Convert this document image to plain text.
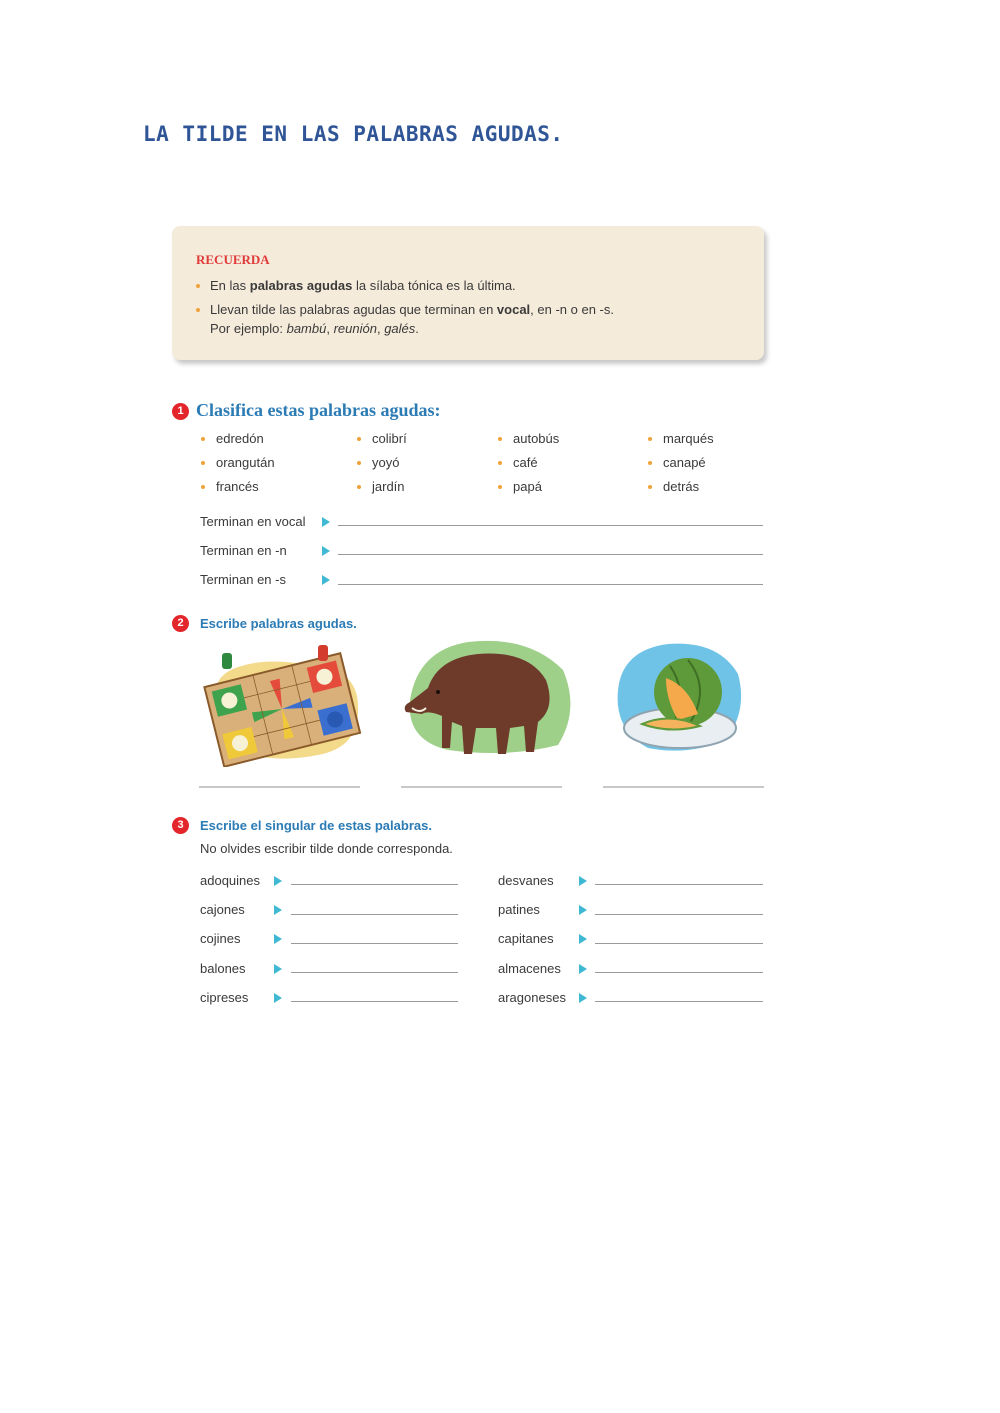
LA TILDE EN LAS PALABRAS AGUDAS.
RECUERDA
En las palabras agudas la sílaba tónica es la última.
Llevan tilde las palabras agudas que terminan en vocal, en -n o en -s.
Por ejemplo: bambú, reunión, galés.
1 Clasifica estas palabras agudas:
edredón
orangután
francés
colibrí
yoyó
jardín
autobús
café
papá
marqués
canapé
detrás
Terminan en vocal
Terminan en -n
Terminan en -s
2	Escribe palabras agudas.
3	Escribe el singular de estas palabras.
No olvides escribir tilde donde corresponda.
adoquines
cajones
cojines
balones
cipreses
desvanes
patines
capitanes
almacenes
aragoneses
